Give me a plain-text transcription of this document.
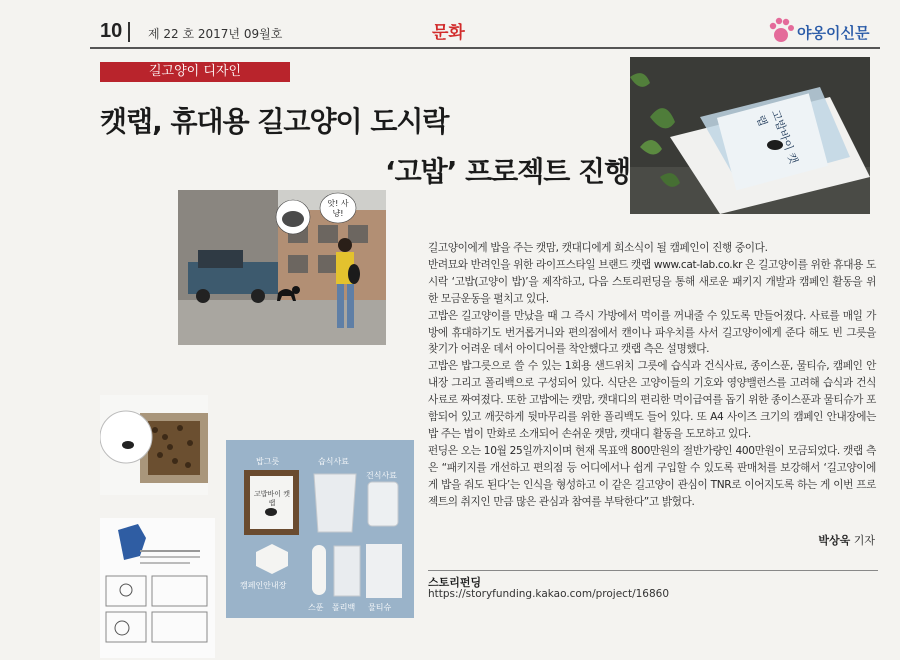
10 제 22 호 2017년 09월호	문화	야옹이신문
길고양이 디자인
캣랩, 휴대용 길고양이 도시락
‘고밥’ 프로젝트 진행
고밥바이 캣랩
앗! 사냥!
밥그릇	습식사료
건식사료
캠페인안내장
스푼 폴리백 물티슈
고밥바이 캣랩

길고양이에게 밥을 주는 캣맘, 캣대디에게 희소식이 될 캠페인이 진행 중이다.

반려묘와 반려인을 위한 라이프스타일 브랜드 캣랩 www.cat-lab.co.kr 은 길고양이를 위한 휴대용 도시락 ‘고밥(고양이 밥)’을 제작하고, 다음 스토리펀딩을 통해 새로운 패키지 개발과 캠페인 활동을 위한 모금운동을 펼치고 있다.

고밥은 길고양이를 만났을 때 그 즉시 가방에서 먹이를 꺼내줄 수 있도록 만들어졌다. 사료를 매일 가방에 휴대하기도 번거롭거니와 편의점에서 캔이나 파우치를 사서 길고양이에게 준다 해도 빈 그릇을 찾기가 어려운 데서 아이디어를 착안했다고 캣랩 측은 설명했다.

고밥은 밥그릇으로 쓸 수 있는 1회용 샌드위치 그릇에 습식과 건식사료, 종이스푼, 물티슈, 캠페인 안내장 그리고 폴리백으로 구성되어 있다. 식단은 고양이들의 기호와 영양밸런스를 고려해 습식과 건식사료로 짜여졌다. 또한 고밥에는 캣맘, 캣대디의 편리한 먹이급여를 돕기 위한 종이스푼과 물티슈가 포함되어 있고 깨끗하게 뒷마무리를 위한 폴리백도 들어 있다. 또 A4 사이즈 크기의 캠페인 안내장에는 밥 주는 법이 만화로 소개되어 손쉬운 캣맘, 캣대디 활동을 도모하고 있다.

펀딩은 오는 10월 25일까지이며 현재 목표액 800만원의 절반가량인 400만원이 모금되었다. 캣랩 측은 “패키지를 개선하고 편의점 등 어디에서나 쉽게 구입할 수 있도록 판매처를 보강해서 ‘길고양이에게 밥을 줘도 된다’는 인식을 형성하고 이 같은 길고양이 관심이 TNR로 이어지도록 하는 게 이번 프로젝트의 취지인 만큼 많은 관심과 참여를 부탁한다”고 밝혔다.

박상욱 기자
스토리펀딩
https://storyfunding.kakao.com/project/16860
